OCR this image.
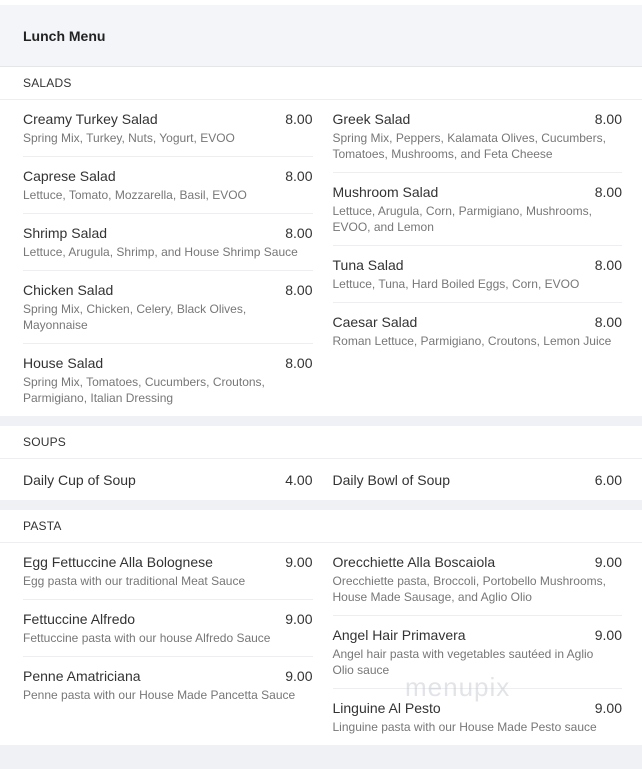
Lunch Menu
SALADS
Creamy Turkey Salad	8.00
Spring Mix, Turkey, Nuts, Yogurt, EVOO
Caprese Salad	8.00
Lettuce, Tomato, Mozzarella, Basil, EVOO
Shrimp Salad	8.00
Lettuce, Arugula, Shrimp, and House Shrimp Sauce
Chicken Salad	8.00
Spring Mix, Chicken, Celery, Black Olives, Mayonnaise
House Salad	8.00
Spring Mix, Tomatoes, Cucumbers, Croutons, Parmigiano, Italian Dressing
Greek Salad	8.00
Spring Mix, Peppers, Kalamata Olives, Cucumbers, Tomatoes, Mushrooms, and Feta Cheese
Mushroom Salad	8.00
Lettuce, Arugula, Corn, Parmigiano, Mushrooms, EVOO, and Lemon
Tuna Salad	8.00
Lettuce, Tuna, Hard Boiled Eggs, Corn, EVOO
Caesar Salad	8.00
Roman Lettuce, Parmigiano, Croutons, Lemon Juice
SOUPS
Daily Cup of Soup	4.00 Daily Bowl of Soup	6.00
PASTA
Egg Fettuccine Alla Bolognese	9.00
Egg pasta with our traditional Meat Sauce
Fettuccine Alfredo	9.00
Fettuccine pasta with our house Alfredo Sauce
Penne Amatriciana	9.00
Penne pasta with our House Made Pancetta Sauce
Orecchiette Alla Boscaiola	9.00
Orecchiette pasta, Broccoli, Portobello Mushrooms, House Made Sausage, and Aglio Olio
Angel Hair Primavera	9.00
Angel hair pasta with vegetables sautéed in Aglio Olio sauce
Linguine Al Pesto	9.00
Linguine pasta with our House Made Pesto sauce
menupix
